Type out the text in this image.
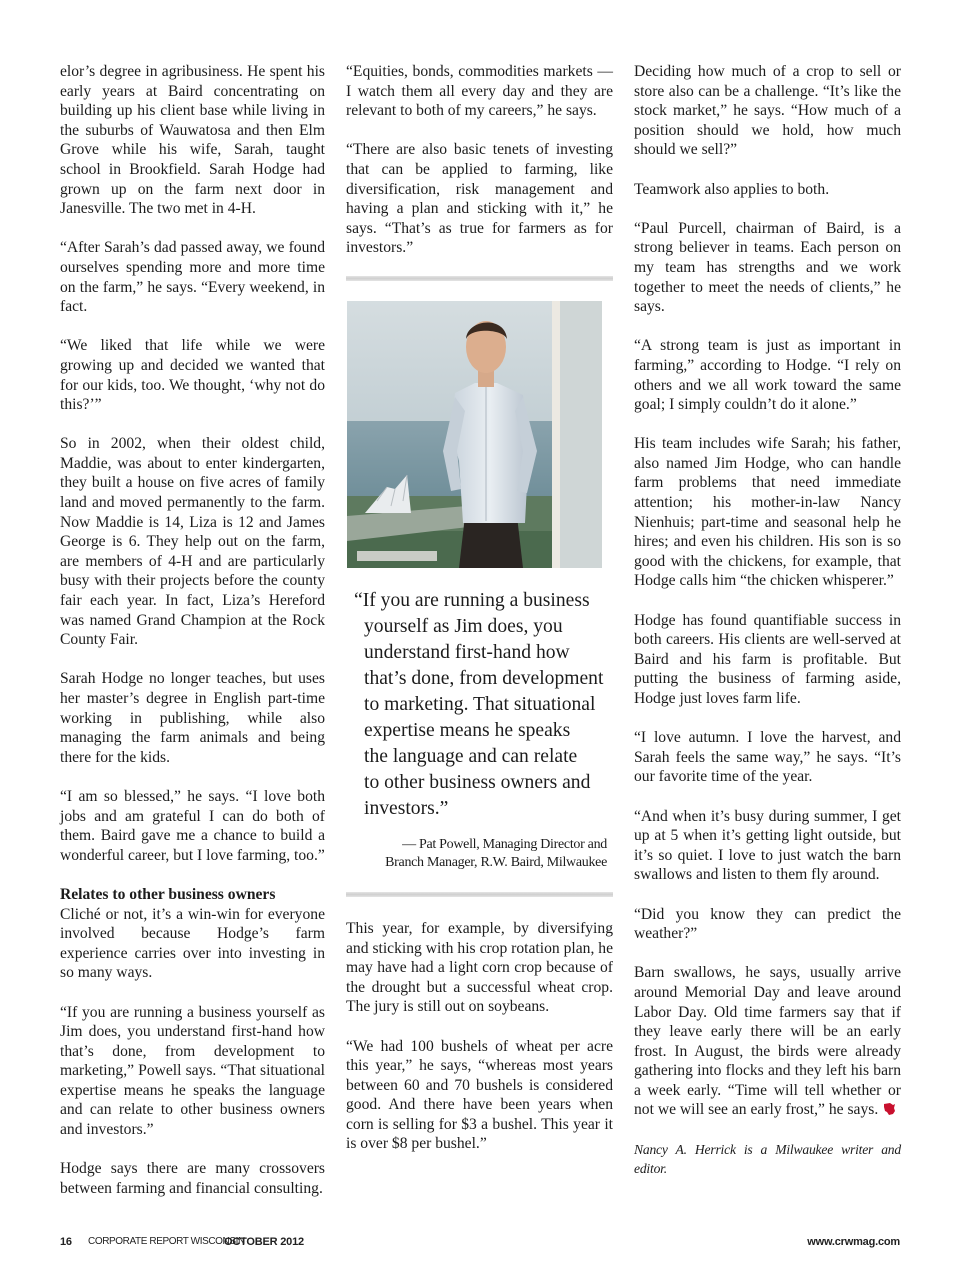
elor’s degree in agribusiness. He spent his early years at Baird concentrating on building up his client base while living in the suburbs of Wauwatosa and then Elm Grove while his wife, Sarah, taught school in Brookfield. Sarah Hodge had grown up on the farm next door in Janesville. The two met in 4-H.

“After Sarah’s dad passed away, we found ourselves spending more and more time on the farm,” he says. “Every weekend, in fact.

“We liked that life while we were growing up and decided we wanted that for our kids, too. We thought, ‘why not do this?’”

So in 2002, when their oldest child, Maddie, was about to enter kindergarten, they built a house on five acres of family land and moved permanently to the farm. Now Maddie is 14, Liza is 12 and James George is 6. They help out on the farm, are members of 4-H and are particularly busy with their projects before the county fair each year. In fact, Liza’s Hereford was named Grand Champion at the Rock County Fair.

Sarah Hodge no longer teaches, but uses her master’s degree in English part-time working in publishing, while also managing the farm animals and being there for the kids.

“I am so blessed,” he says. “I love both jobs and am grateful I can do both of them. Baird gave me a chance to build a wonderful career, but I love farming, too.”

Relates to other business owners
Cliché or not, it’s a win-win for everyone involved because Hodge’s farm experience carries over into investing in so many ways.

“If you are running a business yourself as Jim does, you understand first-hand how that’s done, from development to marketing,” Powell says. “That situational expertise means he speaks the language and can relate to other business owners and investors.”

Hodge says there are many crossovers between farming and financial consulting.

“Equities, bonds, commodities markets — I watch them all every day and they are relevant to both of my careers,” he says.

“There are also basic tenets of investing that can be applied to farming, like diversification, risk management and having a plan and sticking with it,” he says. “That’s as true for farmers as for investors.”

“If you are running a business
yourself as Jim does, you
understand first-hand how
that’s done, from development
to marketing. That situational
expertise means he speaks
the language and can relate
to other business owners and
investors.”
— Pat Powell, Managing Director and
Branch Manager, R.W. Baird, Milwaukee

This year, for example, by diversifying and sticking with his crop rotation plan, he may have had a light corn crop because of the drought but a successful wheat crop. The jury is still out on soybeans.

“We had 100 bushels of wheat per acre this year,” he says, “whereas most years between 60 and 70 bushels is considered good. And there have been years when corn is selling for $3 a bushel. This year it is over $8 per bushel.”

Deciding how much of a crop to sell or store also can be a challenge. “It’s like the stock market,” he says. “How much of a position should we hold, how much should we sell?”

Teamwork also applies to both.

“Paul Purcell, chairman of Baird, is a strong believer in teams. Each person on my team has strengths and we work together to meet the needs of clients,” he says.

“A strong team is just as important in farming,” according to Hodge. “I rely on others and we all work toward the same goal; I simply couldn’t do it alone.”

His team includes wife Sarah; his father, also named Jim Hodge, who can handle farm problems that need immediate attention; his mother-in-law Nancy Nienhuis; part-time and seasonal help he hires; and even his children. His son is so good with the chickens, for example, that Hodge calls him “the chicken whisperer.”

Hodge has found quantifiable success in both careers. His clients are well-served at Baird and his farm is profitable. But putting the business of farming aside, Hodge just loves farm life.

“I love autumn. I love the harvest, and Sarah feels the same way,” he says. “It’s our favorite time of the year.

“And when it’s busy during summer, I get up at 5 when it’s getting light outside, but it’s so quiet. I love to just watch the barn swallows and listen to them fly around.

“Did you know they can predict the weather?”

Barn swallows, he says, usually arrive around Memorial Day and leave around Labor Day. Old time farmers say that if they leave early there will be an early frost. In August, the birds were already gathering into flocks and they left his barn a week early. “Time will tell whether or not we will see an early frost,” he says.

Nancy A. Herrick is a Milwaukee writer and editor.

16 CORPORATE REPORT WISCONSIN
OCTOBER 2012	www.crwmag.com
